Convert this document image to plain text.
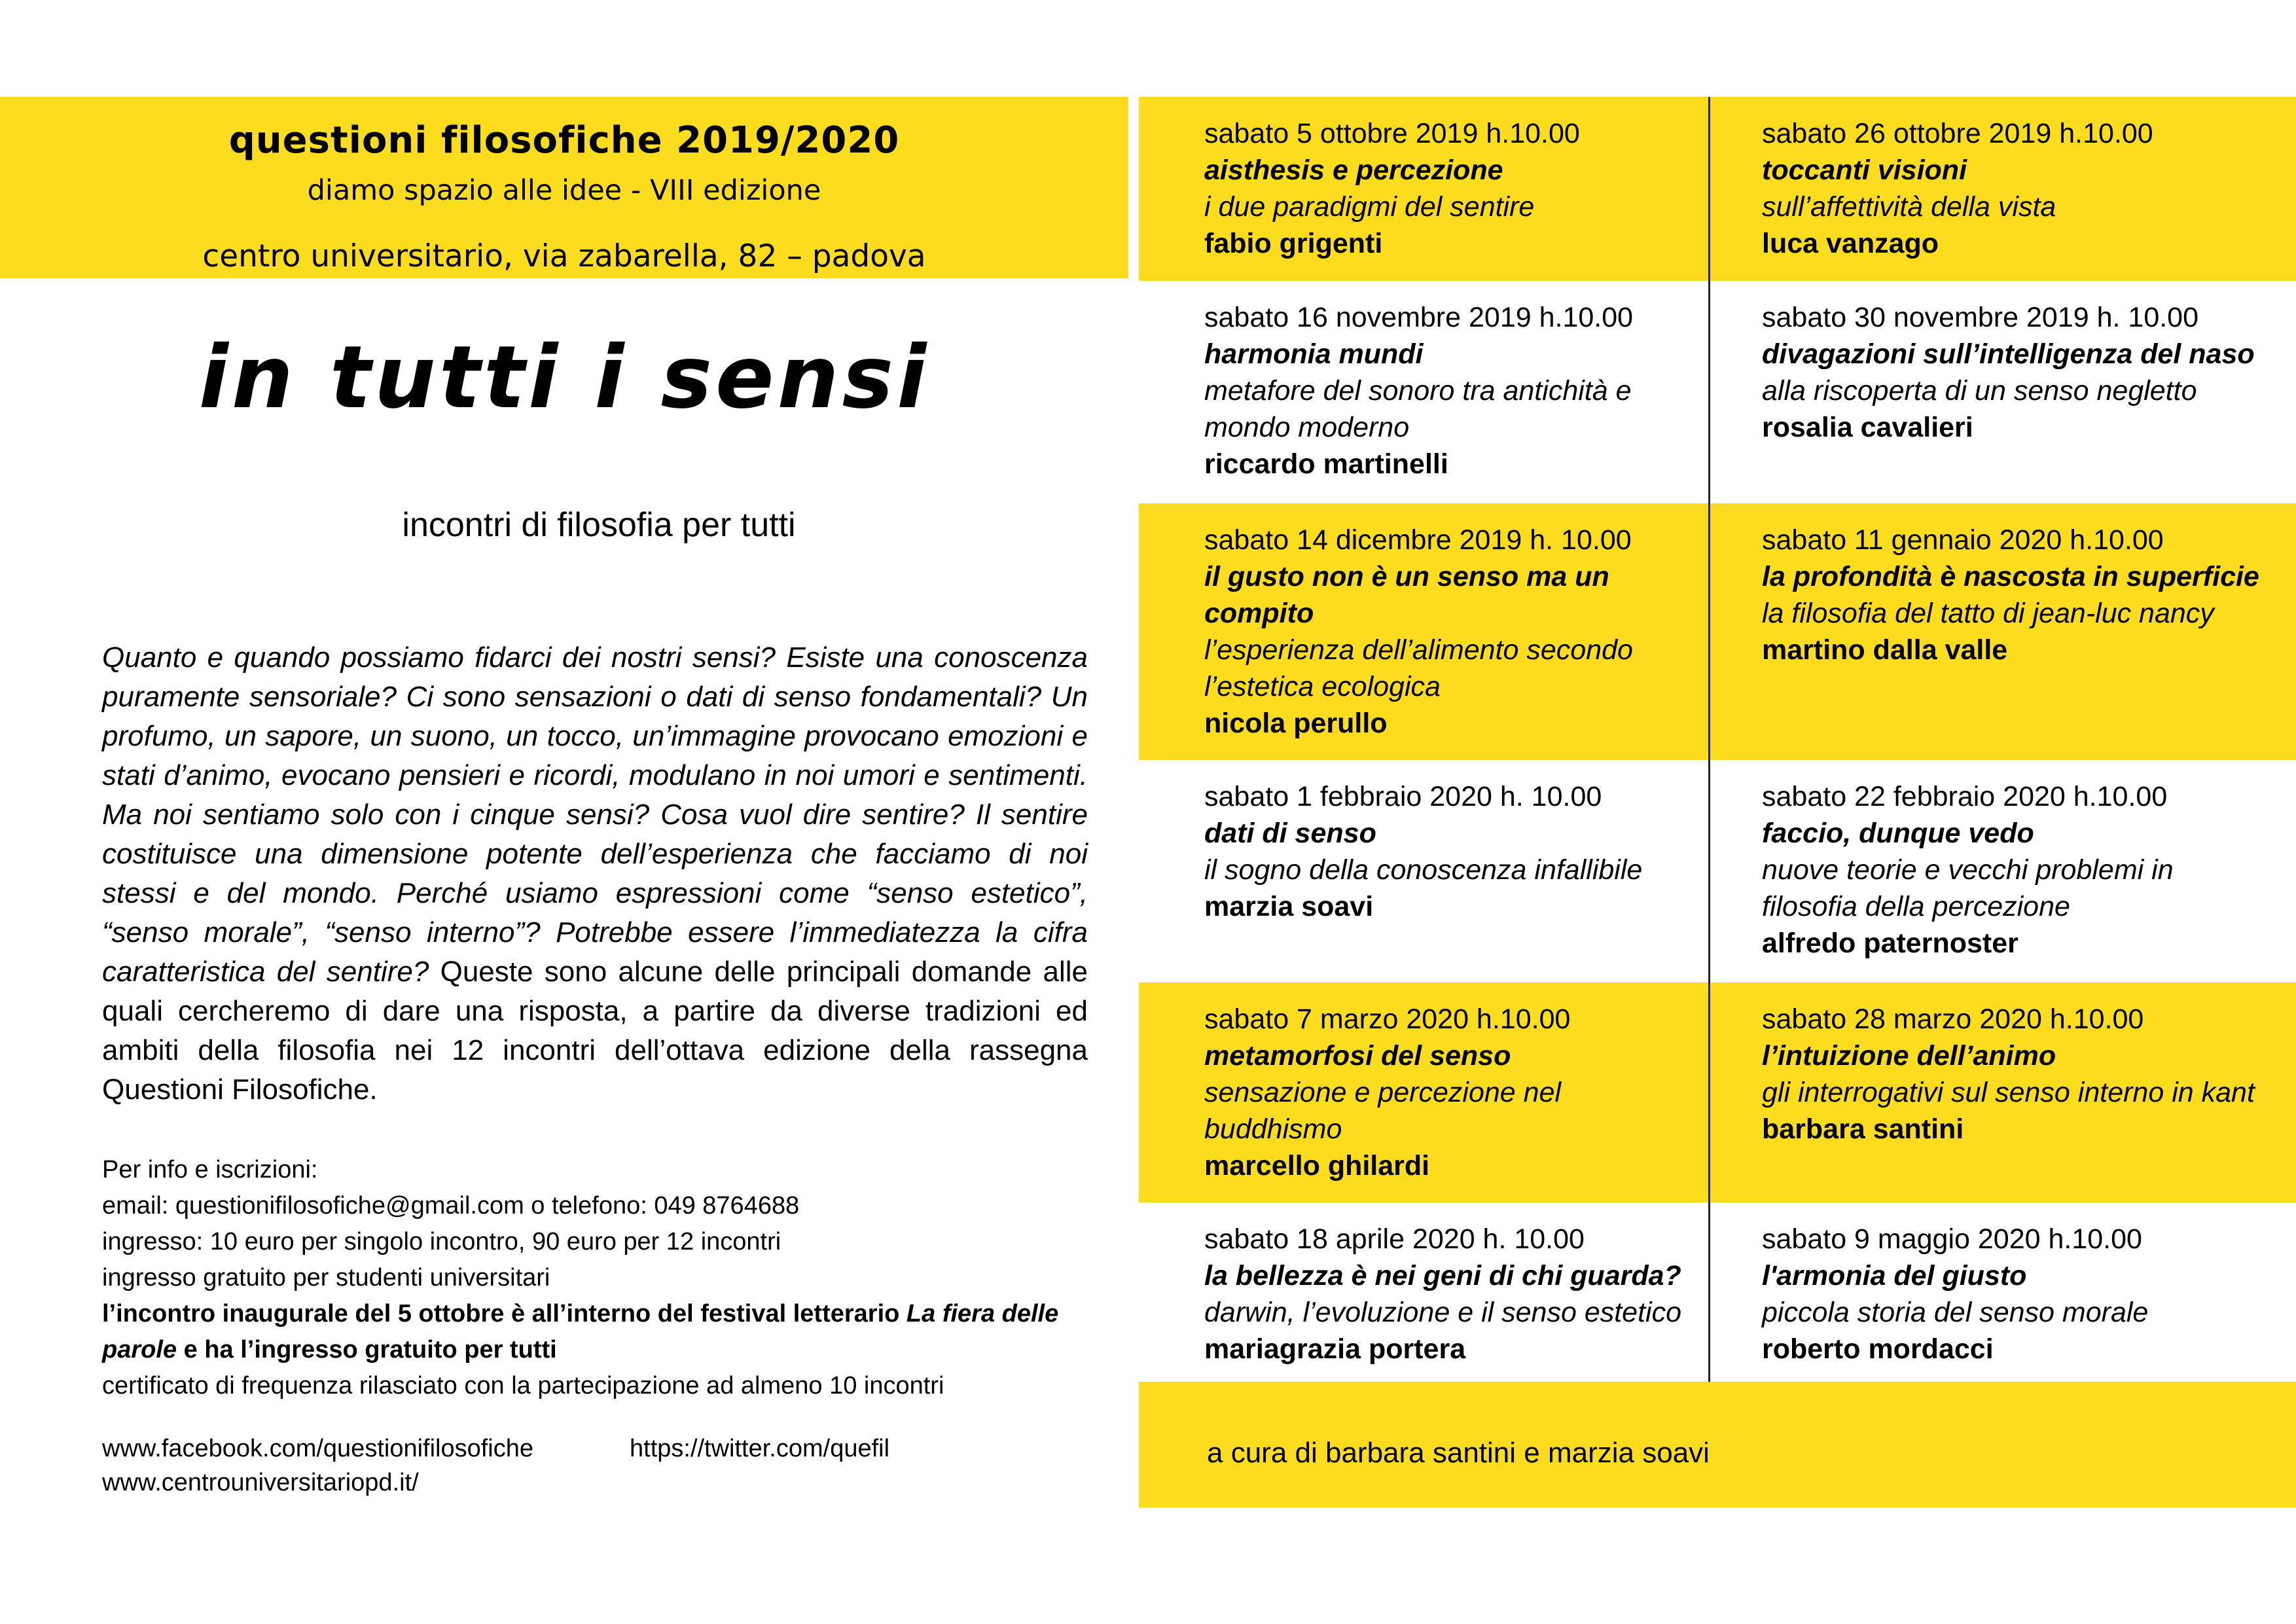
questioni filosofiche 2019/2020
diamo spazio alle idee - VIII edizione
centro universitario, via zabarella, 82 – padova
in tutti i sensi
incontri di filosofia per tutti
Quanto e quando possiamo fidarci dei nostri sensi? Esiste una conoscenza puramente sensoriale? Ci sono sensazioni o dati di senso fondamentali? Un profumo, un sapore, un suono, un tocco, un’immagine provocano emozioni e stati d’animo, evocano pensieri e ricordi, modulano in noi umori e sentimenti. Ma noi sentiamo solo con i cinque sensi? Cosa vuol dire sentire? Il sentire costituisce una dimensione potente dell’esperienza che facciamo di noi stessi e del mondo. Perché usiamo espressioni come “senso estetico”, “senso morale”, “senso interno”? Potrebbe essere l’immediatezza la cifra caratteristica del sentire? Queste sono alcune delle principali domande alle quali cercheremo di dare una risposta, a partire da diverse tradizioni ed ambiti della filosofia nei 12 incontri dell’ottava edizione della rassegna Questioni Filosofiche.
Per info e iscrizioni:
email: questionifilosofiche@gmail.com o telefono: 049 8764688
ingresso: 10 euro per singolo incontro, 90 euro per 12 incontri
ingresso gratuito per studenti universitari
l’incontro inaugurale del 5 ottobre è all’interno del festival letterario La fiera delle parole e ha l’ingresso gratuito per tutti
certificato di frequenza rilasciato con la partecipazione ad almeno 10 incontri
www.facebook.com/questionifilosofiche	https://twitter.com/quefil
www.centrouniversitariopd.it/
sabato 5 ottobre 2019 h.10.00
aisthesis e percezione
i due paradigmi del sentire
fabio grigenti
sabato 26 ottobre 2019 h.10.00
toccanti visioni
sull’affettività della vista
luca vanzago
sabato 16 novembre 2019 h.10.00
harmonia mundi
metafore del sonoro tra antichità e mondo moderno
riccardo martinelli
sabato 30 novembre 2019 h. 10.00
divagazioni sull’intelligenza del naso
alla riscoperta di un senso negletto
rosalia cavalieri
sabato 14 dicembre 2019 h. 10.00
il gusto non è un senso ma un compito
l’esperienza dell’alimento secondo l’estetica ecologica
nicola perullo
sabato 11 gennaio 2020 h.10.00
la profondità è nascosta in superficie
la filosofia del tatto di jean-luc nancy
martino dalla valle
sabato 1 febbraio 2020 h. 10.00
dati di senso
il sogno della conoscenza infallibile
marzia soavi
sabato 22 febbraio 2020 h.10.00
faccio, dunque vedo
nuove teorie e vecchi problemi in filosofia della percezione
alfredo paternoster
sabato 7 marzo 2020 h.10.00
metamorfosi del senso
sensazione e percezione nel buddhismo
marcello ghilardi
sabato 28 marzo 2020 h.10.00
l’intuizione dell’animo
gli interrogativi sul senso interno in kant
barbara santini
sabato 18 aprile 2020 h. 10.00
la bellezza è nei geni di chi guarda?
darwin, l’evoluzione e il senso estetico
mariagrazia portera
sabato 9 maggio 2020 h.10.00
l'armonia del giusto
piccola storia del senso morale
roberto mordacci
a cura di barbara santini e marzia soavi
